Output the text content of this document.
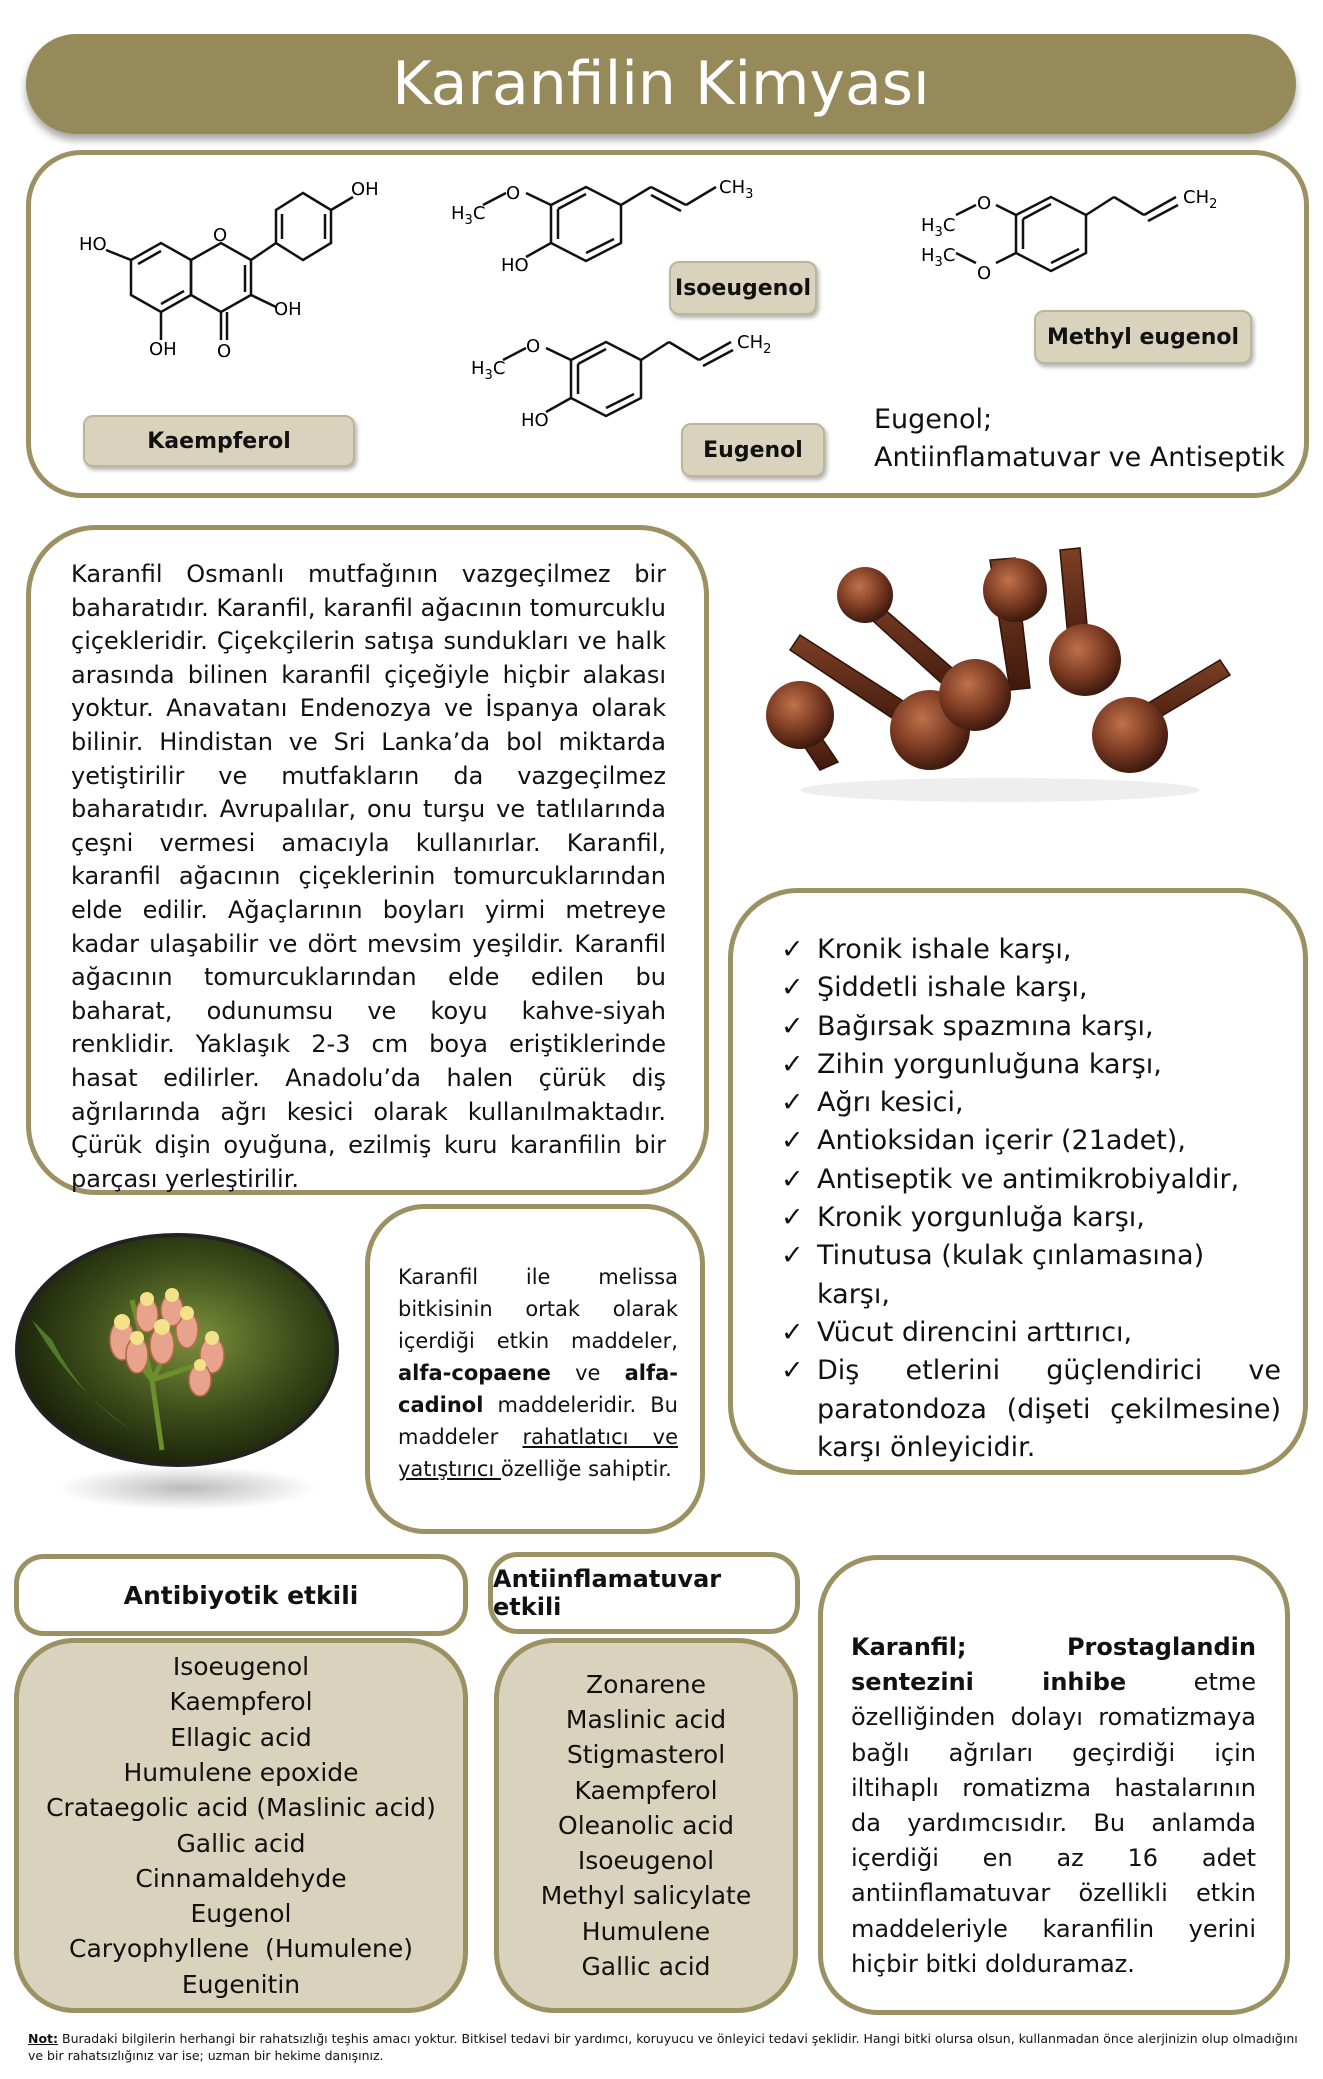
Karanfilin Kimyası
O
OH
HO
OH
OH O
Kaempferol
O
$H_3C$
HO
$CH_3$
Isoeugenol
O
$H_3C$
HO
$CH_2$
Eugenol
O
O
$H_3C$
$H_3C$
$CH_2$
Methyl eugenol
Eugenol;
Antiinflamatuvar ve Antiseptik

Karanfil Osmanlı mutfağının vazgeçilmez bir baharatıdır. Karanfil, karanfil ağacının tomurcuklu çiçekleridir. Çiçekçilerin satışa sundukları ve halk arasında bilinen karanfil çiçeğiyle hiçbir alakası yoktur. Anavatanı Endenozya ve İspanya olarak bilinir. Hindistan ve Sri Lanka’da bol miktarda yetiştirilir ve mutfakların da vazgeçilmez baharatıdır. Avrupalılar, onu turşu ve tatlılarında çeşni vermesi amacıyla kullanırlar. Karanfil, karanfil ağacının çiçeklerinin tomurcuklarından elde edilir. Ağaçlarının boyları yirmi metreye kadar ulaşabilir ve dört mevsim yeşildir. Karanfil ağacının tomurcuklarından elde edilen bu baharat, odunumsu ve koyu kahve-siyah renklidir. Yaklaşık 2-3 cm boya eriştiklerinde hasat edilirler. Anadolu’da halen çürük diş ağrılarında ağrı kesici olarak kullanılmaktadır. Çürük dişin oyuğuna, ezilmiş kuru karanfilin bir parçası yerleştirilir.

✓ Kronik ishale karşı,
✓ Şiddetli ishale karşı,
✓ Bağırsak spazmına karşı,
✓ Zihin yorgunluğuna karşı,
✓ Ağrı kesici,
✓ Antioksidan içerir (21adet),
✓ Antiseptik ve antimikrobiyaldir,
✓ Kronik yorgunluğa karşı,
✓ Tinutusa (kulak çınlamasına) karşı,
✓ Vücut direncini arttırıcı,
✓ Diş etlerini güçlendirici ve paratondoza (dişeti çekilmesine) karşı önleyicidir.

Karanfil ile melissa bitkisinin ortak olarak içerdiği etkin maddeler, alfa-copaene ve alfa-cadinol maddeleridir. Bu maddeler rahatlatıcı ve yatıştırıcı özelliğe sahiptir.

Antibiyotik etkili
Isoeugenol
Kaempferol
Ellagic acid
Humulene epoxide
Crataegolic acid (Maslinic acid)
Gallic acid
Cinnamaldehyde
Eugenol
Caryophyllene  (Humulene)
Eugenitin
Antiinflamatuvar etkili
Zonarene
Maslinic acid
Stigmasterol
Kaempferol
Oleanolic acid
Isoeugenol
Methyl salicylate
Humulene
Gallic acid

Karanfil; Prostaglandin sentezini inhibe etme özelliğinden dolayı romatizmaya bağlı ağrıları geçirdiği için iltihaplı romatizma hastalarının da yardımcısıdır. Bu anlamda içerdiği en az 16 adet antiinflamatuvar özellikli etkin maddeleriyle karanfilin yerini hiçbir bitki dolduramaz.

Not: Buradaki bilgilerin herhangi bir rahatsızlığı teşhis amacı yoktur. Bitkisel tedavi bir yardımcı, koruyucu ve önleyici tedavi şeklidir. Hangi bitki olursa olsun, kullanmadan önce alerjinizin olup olmadığını ve bir rahatsızlığınız var ise; uzman bir hekime danışınız.
